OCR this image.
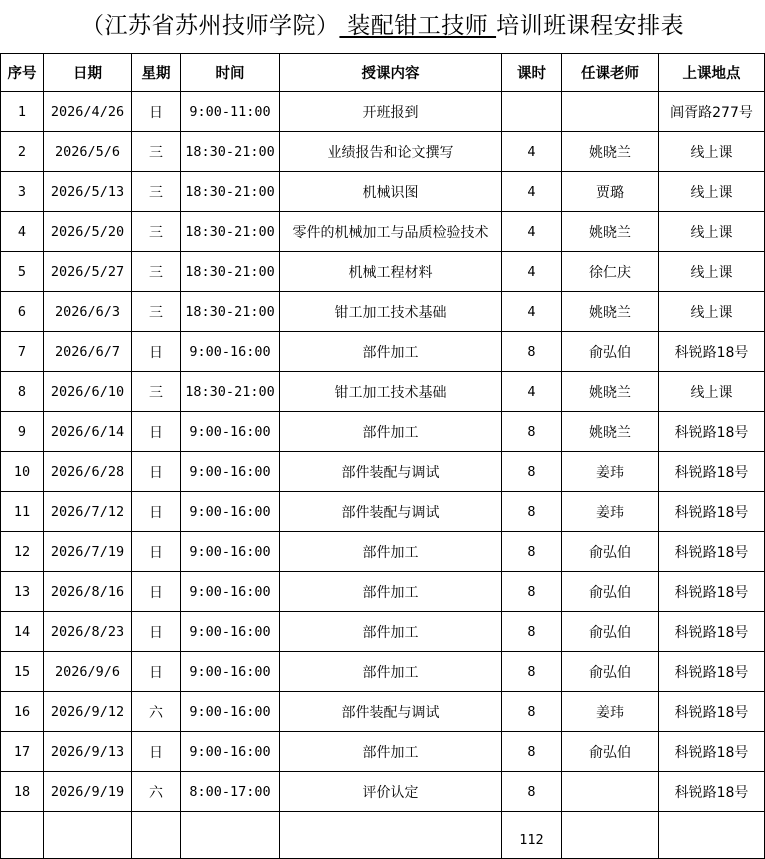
（江苏省苏州技师学院） 装配钳工技师 培训班课程安排表
序号	日期	星期	时间	授课内容	课时	任课老师	上课地点
1	2026/4/26	日	9:00-11:00	开班报到			阊胥路277号
2	2026/5/6	三	18:30-21:00	业绩报告和论文撰写	4	姚晓兰	线上课
3	2026/5/13	三	18:30-21:00	机械识图	4	贾璐	线上课
4	2026/5/20	三	18:30-21:00	零件的机械加工与品质检验技术	4	姚晓兰	线上课
5	2026/5/27	三	18:30-21:00	机械工程材料	4	徐仁庆	线上课
6	2026/6/3	三	18:30-21:00	钳工加工技术基础	4	姚晓兰	线上课
7	2026/6/7	日	9:00-16:00	部件加工	8	俞弘伯	科锐路18号
8	2026/6/10	三	18:30-21:00	钳工加工技术基础	4	姚晓兰	线上课
9	2026/6/14	日	9:00-16:00	部件加工	8	姚晓兰	科锐路18号
10	2026/6/28	日	9:00-16:00	部件装配与调试	8	姜玮	科锐路18号
11	2026/7/12	日	9:00-16:00	部件装配与调试	8	姜玮	科锐路18号
12	2026/7/19	日	9:00-16:00	部件加工	8	俞弘伯	科锐路18号
13	2026/8/16	日	9:00-16:00	部件加工	8	俞弘伯	科锐路18号
14	2026/8/23	日	9:00-16:00	部件加工	8	俞弘伯	科锐路18号
15	2026/9/6	日	9:00-16:00	部件加工	8	俞弘伯	科锐路18号
16	2026/9/12	六	9:00-16:00	部件装配与调试	8	姜玮	科锐路18号
17	2026/9/13	日	9:00-16:00	部件加工	8	俞弘伯	科锐路18号
18	2026/9/19	六	8:00-17:00	评价认定	8		科锐路18号
					112		
